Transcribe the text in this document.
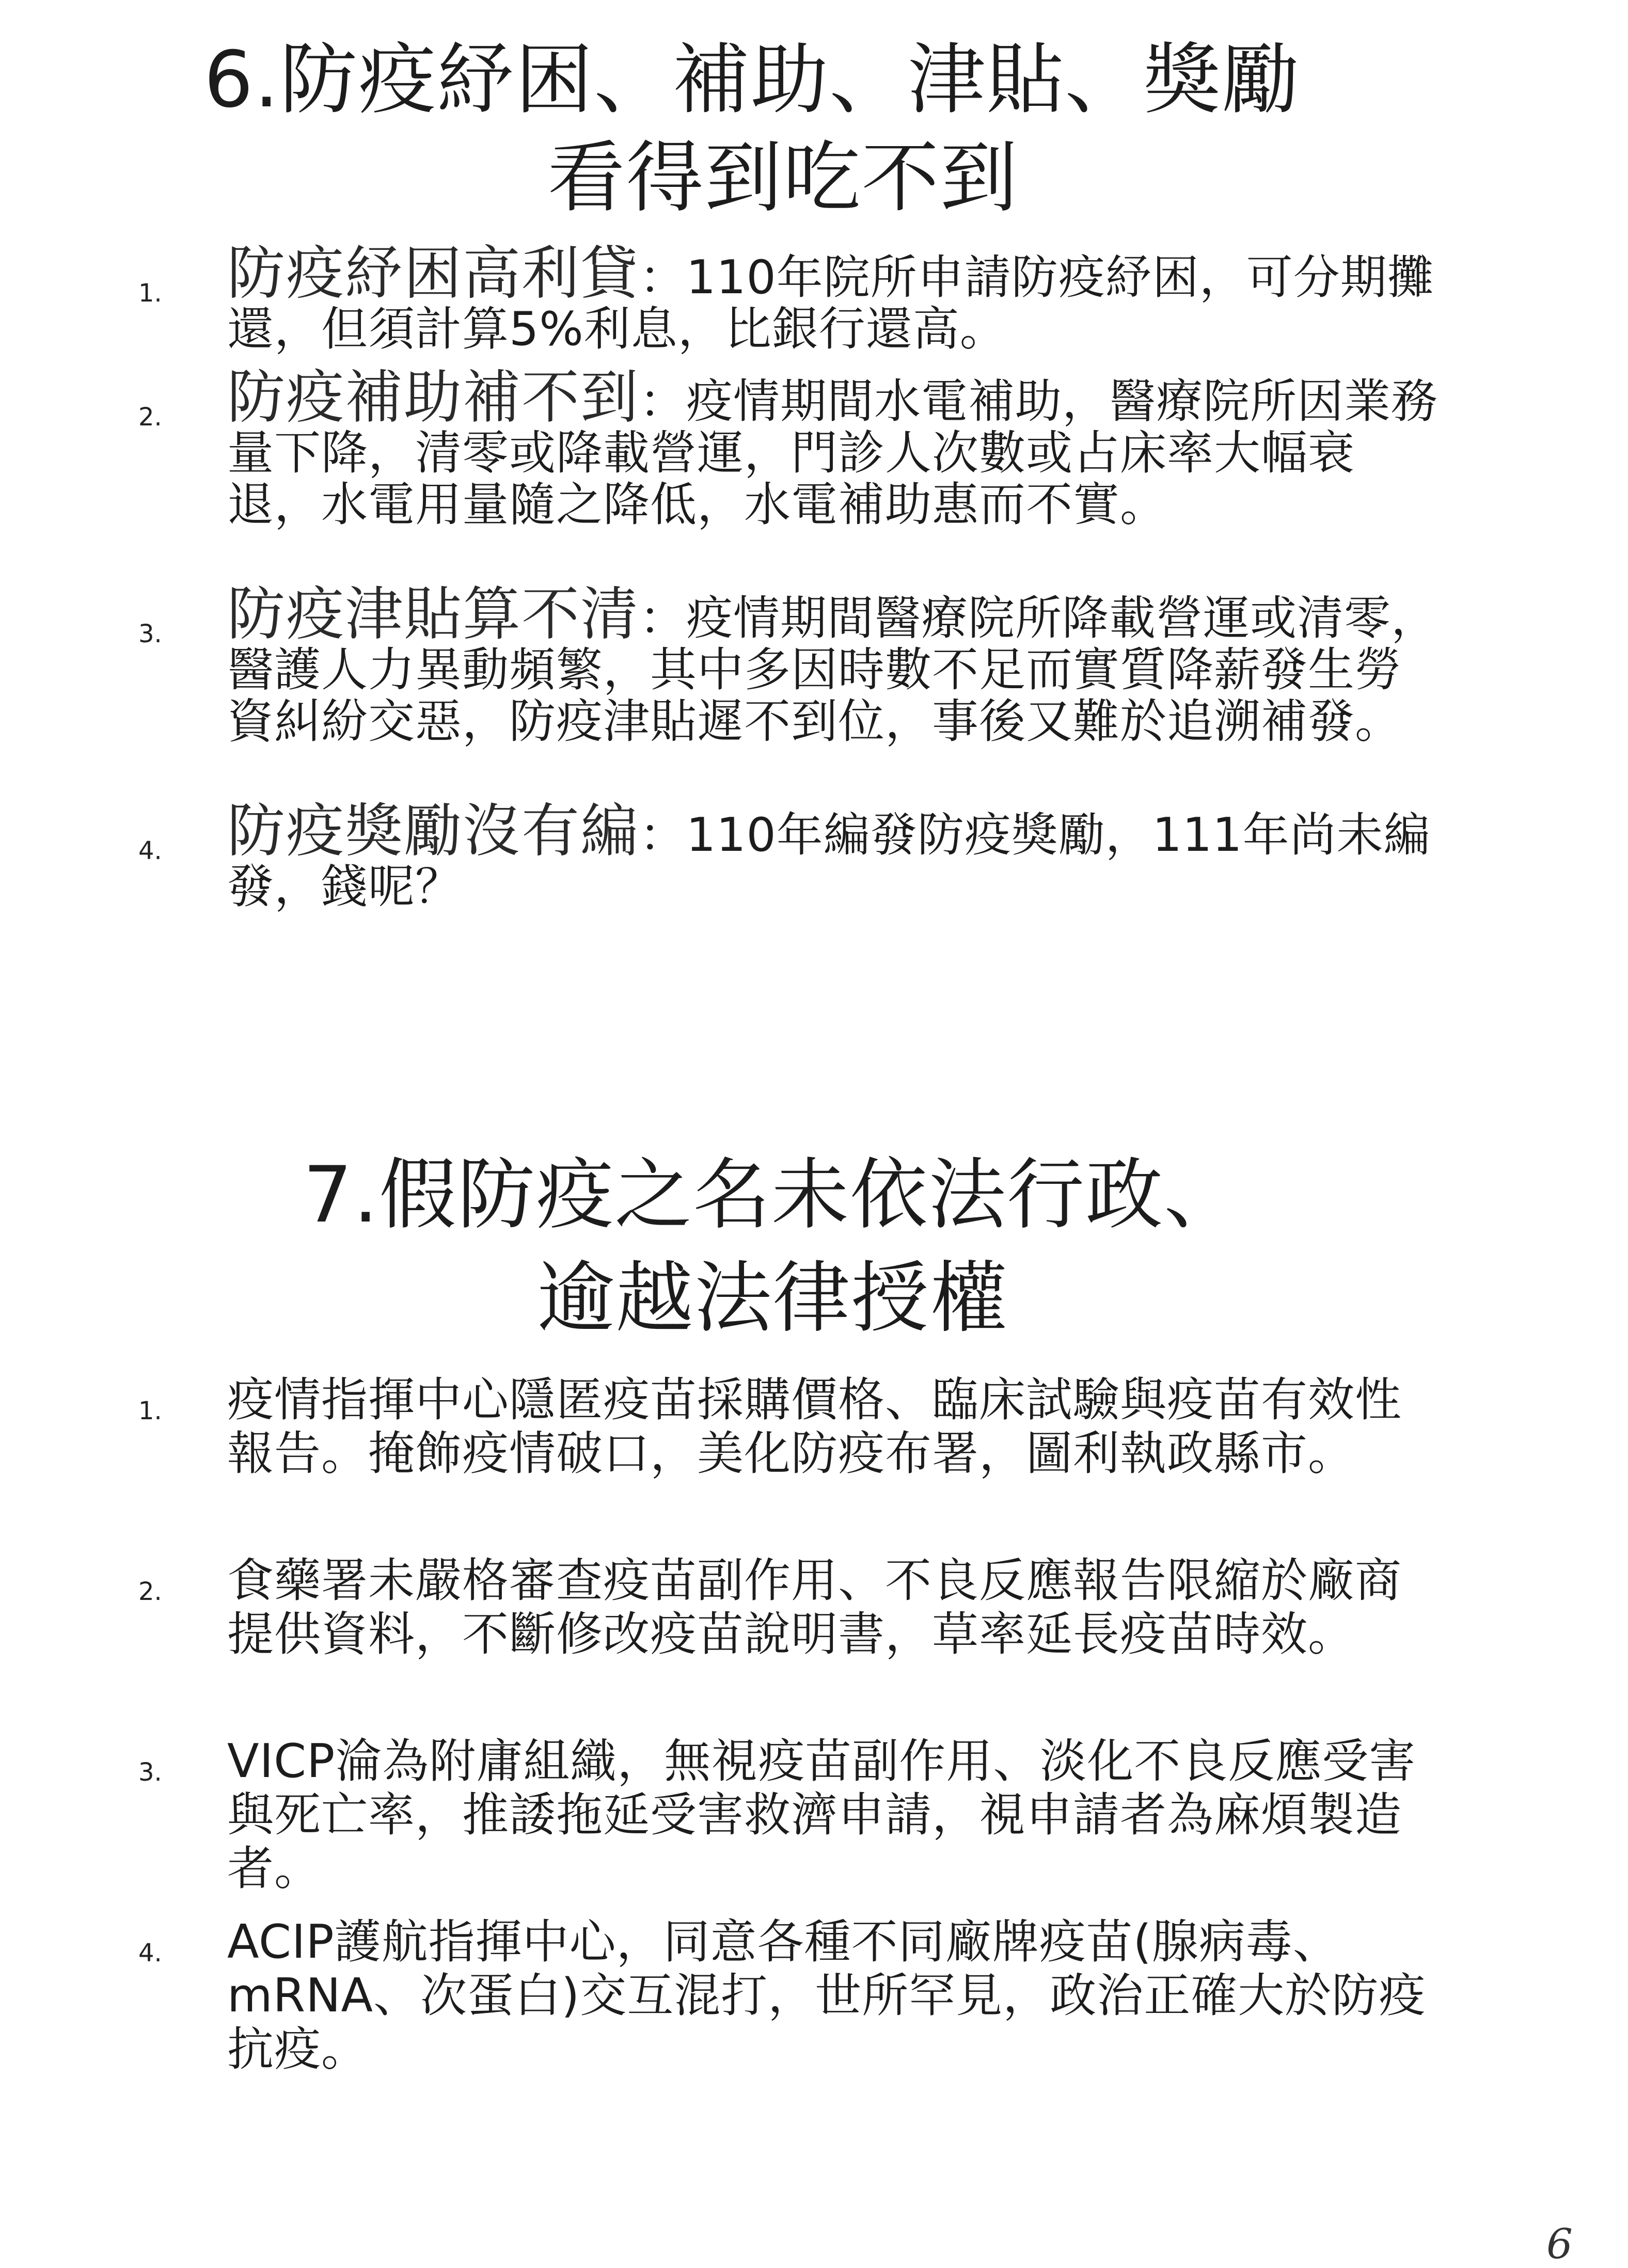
6.防疫紓困、補助、津貼、獎勵
看得到吃不到
1.	防疫紓困高利貸：110年院所申請防疫紓困，可分期攤還，但須計算5%利息，比銀行還高。
2.	防疫補助補不到：疫情期間水電補助，醫療院所因業務量下降，清零或降載營運，門診人次數或占床率大幅衰退，水電用量隨之降低，水電補助惠而不實。
3.	防疫津貼算不清：疫情期間醫療院所降載營運或清零，醫護人力異動頻繁，其中多因時數不足而實質降薪發生勞資糾紛交惡，防疫津貼遲不到位，事後又難於追溯補發。
4.	防疫獎勵沒有編：110年編發防疫獎勵，111年尚未編發，錢呢？
7.假防疫之名未依法行政、
逾越法律授權
1.	疫情指揮中心隱匿疫苗採購價格、臨床試驗與疫苗有效性報告。掩飾疫情破口，美化防疫布署，圖利執政縣市。
2.	食藥署未嚴格審查疫苗副作用、不良反應報告限縮於廠商提供資料，不斷修改疫苗說明書，草率延長疫苗時效。
3.	VICP淪為附庸組織，無視疫苗副作用、淡化不良反應受害與死亡率，推諉拖延受害救濟申請，視申請者為麻煩製造者。
4.	ACIP護航指揮中心，同意各種不同廠牌疫苗(腺病毒、mRNA、次蛋白)交互混打，世所罕見，政治正確大於防疫抗疫。
6
